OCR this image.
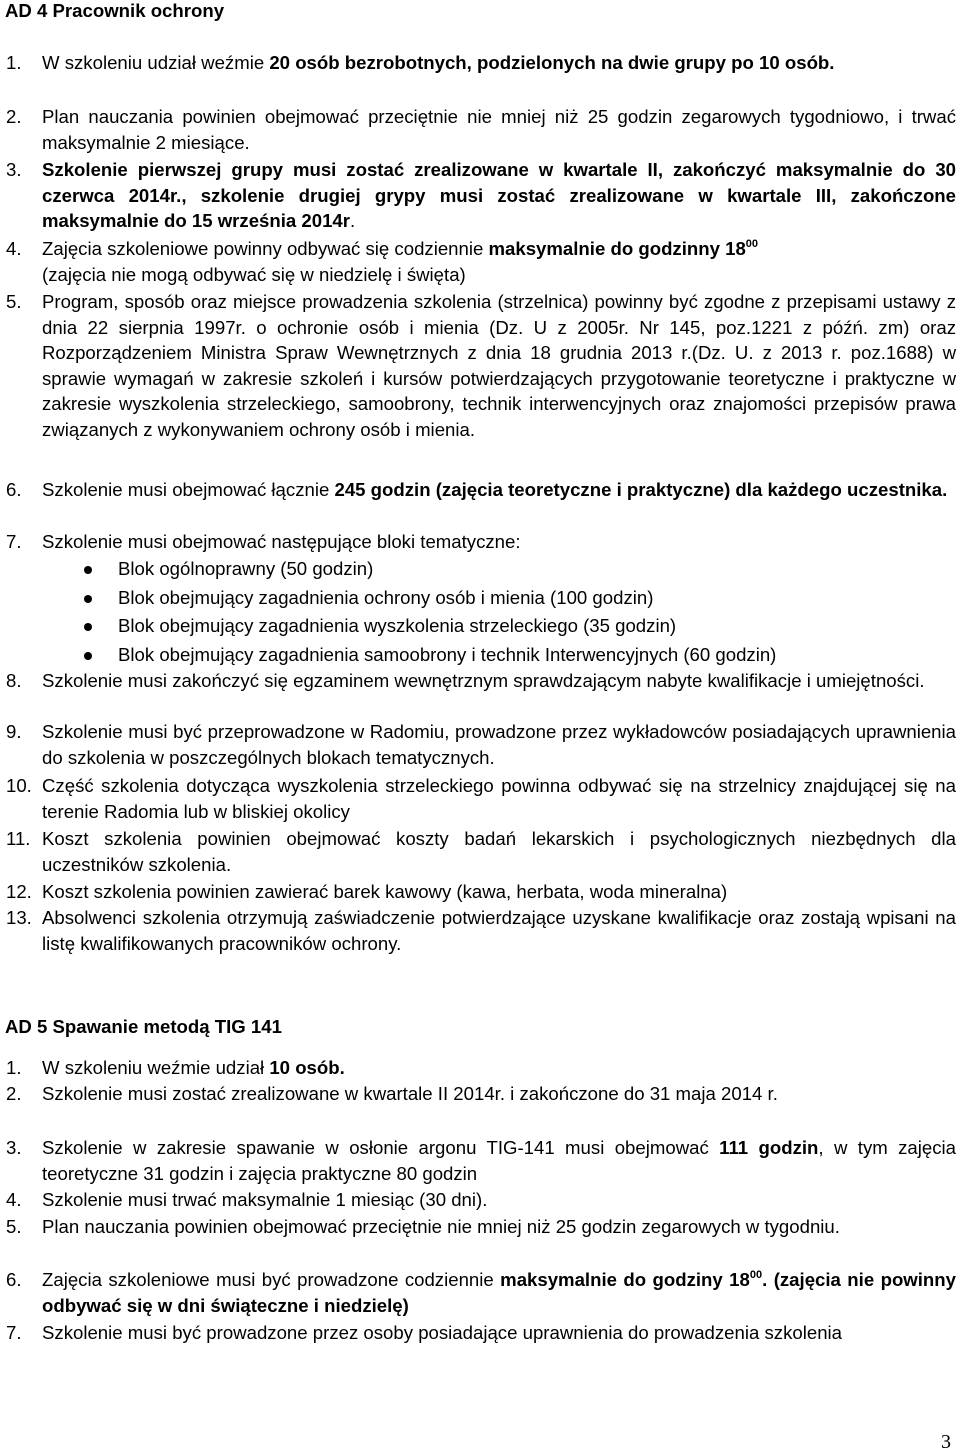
AD 4 Pracownik ochrony

1.	W szkoleniu udział weźmie 20 osób bezrobotnych, podzielonych na dwie grupy po 10 osób.

2.	Plan nauczania powinien obejmować przeciętnie nie mniej niż 25 godzin zegarowych tygodniowo, i trwać maksymalnie 2 miesiące.

3.	Szkolenie pierwszej grupy musi zostać zrealizowane w kwartale II, zakończyć maksymalnie do 30 czerwca 2014r., szkolenie drugiej grypy musi zostać zrealizowane w kwartale III, zakończone maksymalnie do 15 września 2014r.

4.	Zajęcia szkoleniowe powinny odbywać się codziennie maksymalnie do godzinny $18^{00}$
(zajęcia nie mogą odbywać się w niedzielę i święta)

5.	Program, sposób oraz miejsce prowadzenia szkolenia (strzelnica) powinny być zgodne z przepisami ustawy z dnia 22 sierpnia 1997r. o ochronie osób i mienia (Dz. U z 2005r. Nr 145, poz.1221 z późń. zm) oraz Rozporządzeniem Ministra Spraw Wewnętrznych z dnia 18 grudnia 2013 r.(Dz. U. z 2013 r. poz.1688) w sprawie wymagań w zakresie szkoleń i kursów potwierdzających przygotowanie teoretyczne i praktyczne w zakresie wyszkolenia strzeleckiego, samoobrony, technik interwencyjnych oraz znajomości przepisów prawa związanych z wykonywaniem ochrony osób i mienia.

6.	Szkolenie musi obejmować łącznie 245 godzin (zajęcia teoretyczne i praktyczne) dla każdego uczestnika.

7.	Szkolenie musi obejmować następujące bloki tematyczne:

Blok ogólnoprawny (50 godzin)
Blok obejmujący zagadnienia ochrony osób i mienia (100 godzin)
Blok obejmujący zagadnienia wyszkolenia strzeleckiego (35 godzin)
Blok obejmujący zagadnienia samoobrony i technik Interwencyjnych (60 godzin)

8.	Szkolenie musi zakończyć się egzaminem wewnętrznym sprawdzającym nabyte kwalifikacje i umiejętności.

9.	Szkolenie musi być przeprowadzone w Radomiu, prowadzone przez wykładowców posiadających uprawnienia do szkolenia w poszczególnych blokach tematycznych.

10. Część szkolenia dotycząca wyszkolenia strzeleckiego powinna odbywać się na strzelnicy znajdującej się na terenie Radomia lub w bliskiej okolicy

11. Koszt szkolenia powinien obejmować koszty badań lekarskich i psychologicznych niezbędnych dla uczestników szkolenia.

12. Koszt szkolenia powinien zawierać barek kawowy (kawa, herbata, woda mineralna)

13. Absolwenci szkolenia otrzymują zaświadczenie potwierdzające uzyskane kwalifikacje oraz zostają wpisani na listę kwalifikowanych pracowników ochrony.

AD 5 Spawanie metodą TIG 141

1.	W szkoleniu weźmie udział 10 osób.

2.	Szkolenie musi zostać zrealizowane w kwartale II 2014r. i zakończone do 31 maja 2014 r.

3.	Szkolenie w zakresie spawanie w osłonie argonu TIG-141 musi obejmować 111 godzin, w tym zajęcia teoretyczne 31 godzin i zajęcia praktyczne 80 godzin

4.	Szkolenie musi trwać maksymalnie 1 miesiąc (30 dni).

5.	Plan nauczania powinien obejmować przeciętnie nie mniej niż 25 godzin zegarowych w tygodniu.

6.	Zajęcia szkoleniowe musi być prowadzone codziennie maksymalnie do godziny $18^{00}$. (zajęcia nie powinny odbywać się w dni świąteczne i niedzielę)

7.	Szkolenie musi być prowadzone przez osoby posiadające uprawnienia do prowadzenia szkolenia

3
